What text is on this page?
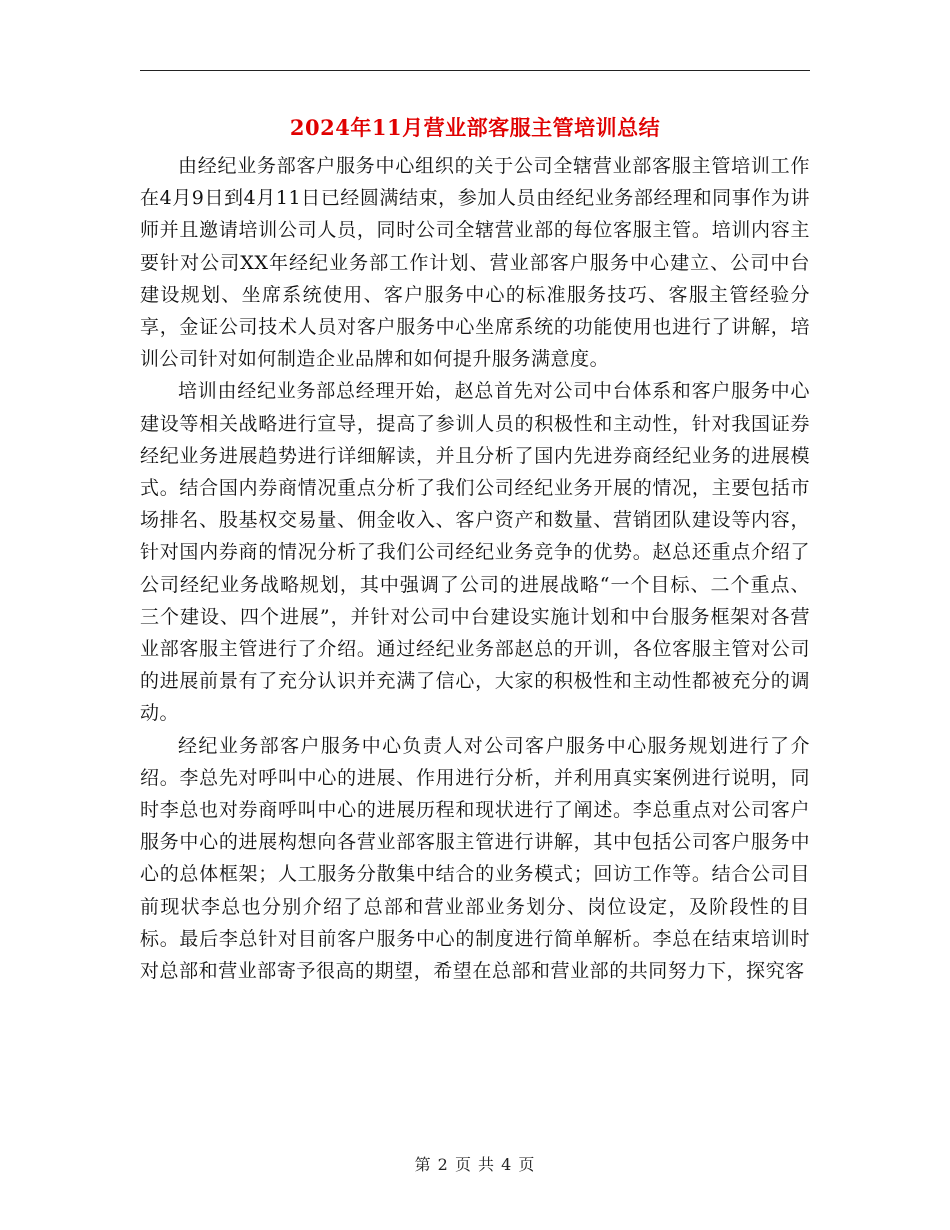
2024年11月营业部客服主管培训总结

由经纪业务部客户服务中心组织的关于公司全辖营业部客服主管培训工作在4月9日到4月11日已经圆满结束，参加人员由经纪业务部经理和同事作为讲师并且邀请培训公司人员，同时公司全辖营业部的每位客服主管。培训内容主要针对公司XX年经纪业务部工作计划、营业部客户服务中心建立、公司中台建设规划、坐席系统使用、客户服务中心的标准服务技巧、客服主管经验分享，金证公司技术人员对客户服务中心坐席系统的功能使用也进行了讲解，培训公司针对如何制造企业品牌和如何提升服务满意度。

培训由经纪业务部总经理开始，赵总首先对公司中台体系和客户服务中心建设等相关战略进行宣导，提高了参训人员的积极性和主动性，针对我国证券经纪业务进展趋势进行详细解读，并且分析了国内先进券商经纪业务的进展模式。结合国内券商情况重点分析了我们公司经纪业务开展的情况，主要包括市场排名、股基权交易量、佣金收入、客户资产和数量、营销团队建设等内容，针对国内券商的情况分析了我们公司经纪业务竞争的优势。赵总还重点介绍了公司经纪业务战略规划，其中强调了公司的进展战略“一个目标、二个重点、三个建设、四个进展”，并针对公司中台建设实施计划和中台服务框架对各营业部客服主管进行了介绍。通过经纪业务部赵总的开训，各位客服主管对公司的进展前景有了充分认识并充满了信心，大家的积极性和主动性都被充分的调动。

经纪业务部客户服务中心负责人对公司客户服务中心服务规划进行了介绍。李总先对呼叫中心的进展、作用进行分析，并利用真实案例进行说明，同时李总也对券商呼叫中心的进展历程和现状进行了阐述。李总重点对公司客户服务中心的进展构想向各营业部客服主管进行讲解，其中包括公司客户服务中心的总体框架；人工服务分散集中结合的业务模式；回访工作等。结合公司目前现状李总也分别介绍了总部和营业部业务划分、岗位设定，及阶段性的目标。最后李总针对目前客户服务中心的制度进行简单解析。李总在结束培训时对总部和营业部寄予很高的期望，希望在总部和营业部的共同努力下，探究客

第 2 页 共 4 页
